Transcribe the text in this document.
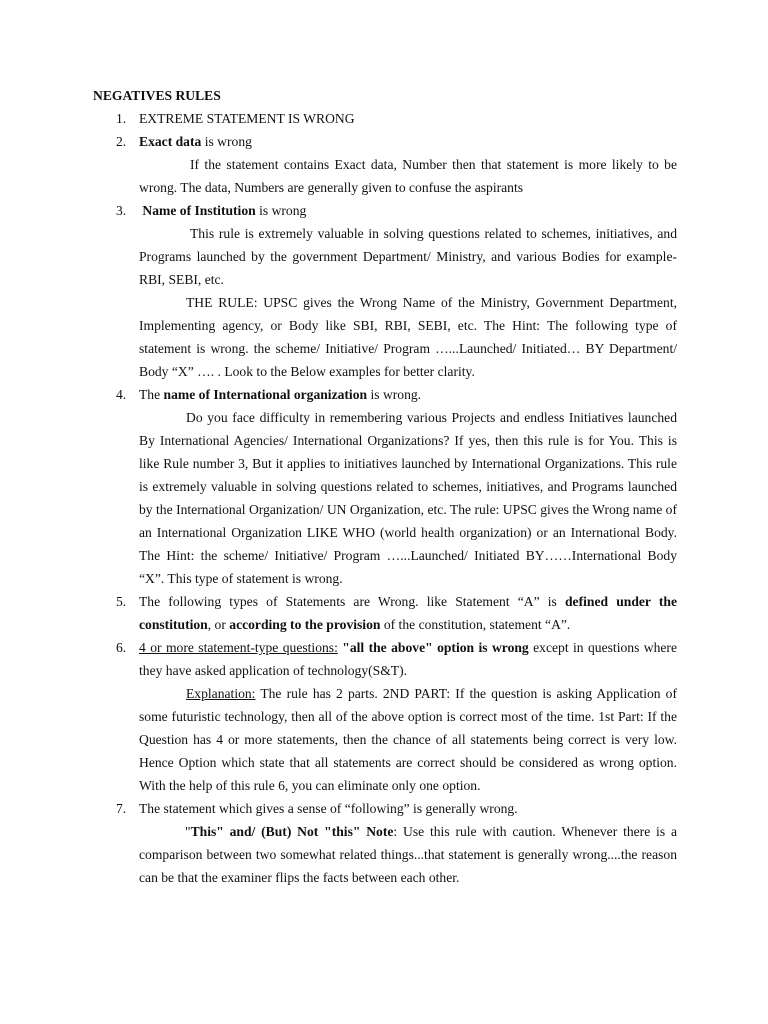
NEGATIVES RULES

1. EXTREME STATEMENT IS WRONG

2. Exact data is wrong

If the statement contains Exact data, Number then that statement is more likely to be wrong. The data, Numbers are generally given to confuse the aspirants

3. Name of Institution is wrong

This rule is extremely valuable in solving questions related to schemes, initiatives, and Programs launched by the government Department/ Ministry, and various Bodies for example-RBI, SEBI, etc.

THE RULE: UPSC gives the Wrong Name of the Ministry, Government Department, Implementing agency, or Body like SBI, RBI, SEBI, etc. The Hint: The following type of statement is wrong. the scheme/ Initiative/ Program …...Launched/ Initiated… BY Department/ Body “X” …. . Look to the Below examples for better clarity.

4. The name of International organization is wrong.

Do you face difficulty in remembering various Projects and endless Initiatives launched By International Agencies/ International Organizations? If yes, then this rule is for You. This is like Rule number 3, But it applies to initiatives launched by International Organizations. This rule is extremely valuable in solving questions related to schemes, initiatives, and Programs launched by the International Organization/ UN Organization, etc. The rule: UPSC gives the Wrong name of an International Organization LIKE WHO (world health organization) or an International Body. The Hint: the scheme/ Initiative/ Program …...Launched/ Initiated BY……International Body “X”. This type of statement is wrong.

5. The following types of Statements are Wrong. like Statement “A” is defined under the constitution, or according to the provision of the constitution, statement “A”.

6. 4 or more statement-type questions: "all the above" option is wrong except in questions where they have asked application of technology(S&T).

Explanation: The rule has 2 parts. 2ND PART: If the question is asking Application of some futuristic technology, then all of the above option is correct most of the time. 1st Part: If the Question has 4 or more statements, then the chance of all statements being correct is very low. Hence Option which state that all statements are correct should be considered as wrong option. With the help of this rule 6, you can eliminate only one option.

7. The statement which gives a sense of “following” is generally wrong.

"This" and/ (But) Not "this" Note: Use this rule with caution. Whenever there is a comparison between two somewhat related things...that statement is generally wrong....the reason can be that the examiner flips the facts between each other.
